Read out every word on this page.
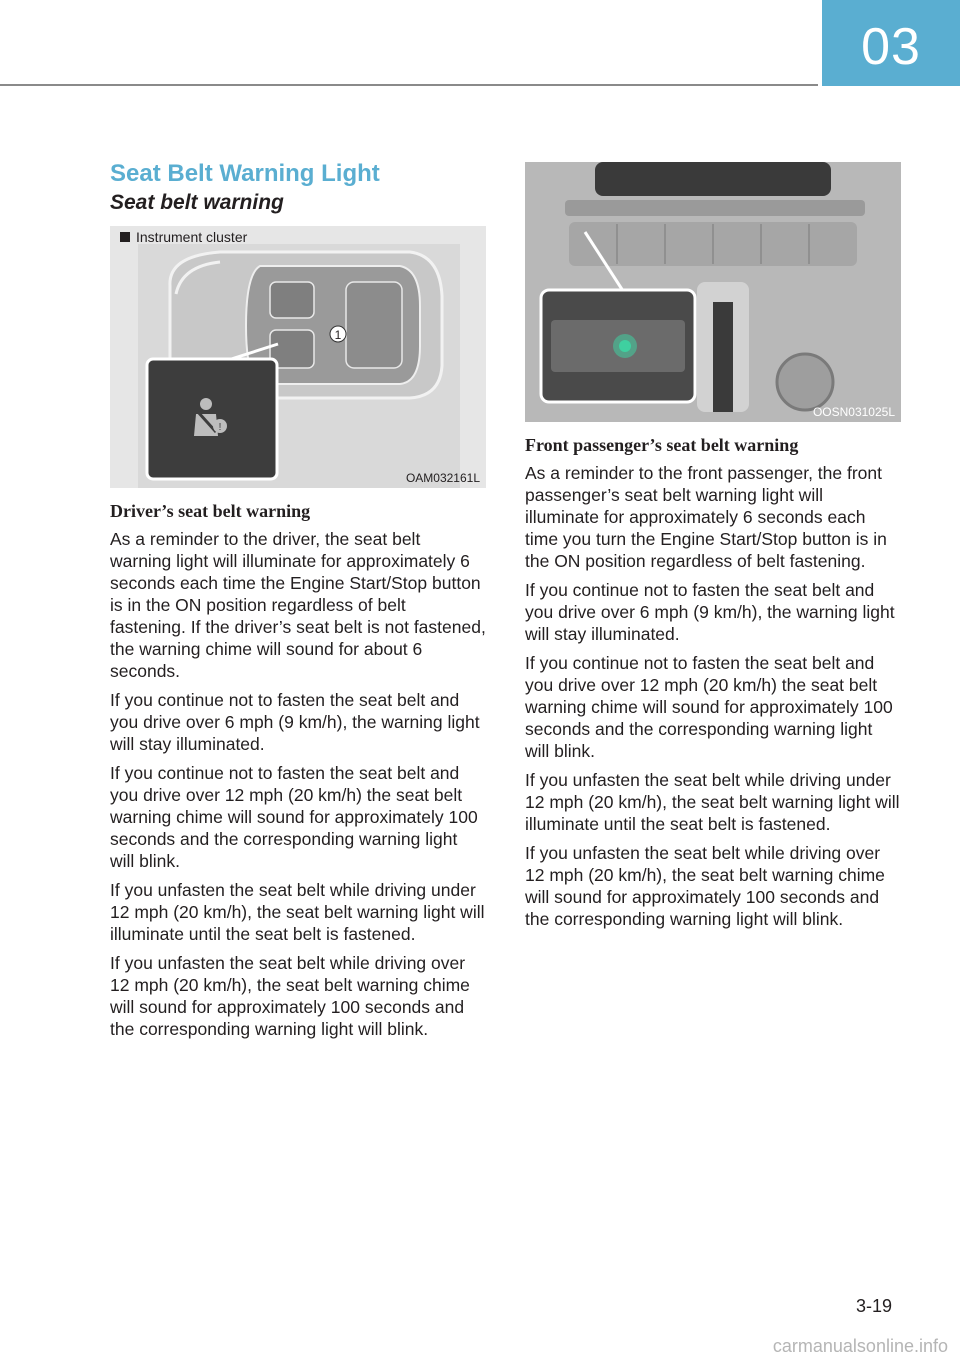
03
Seat Belt Warning Light
Seat belt warning
Instrument cluster
1
!
OAM032161L
Driver’s seat belt warning

As a reminder to the driver, the seat belt warning light will illuminate for approximately 6 seconds each time the Engine Start/Stop button is in the ON position regardless of belt fastening. If the driver’s seat belt is not fastened, the warning chime will sound for about 6 seconds.

If you continue not to fasten the seat belt and you drive over 6 mph (9 km/h), the warning light will stay illuminated.

If you continue not to fasten the seat belt and you drive over 12 mph (20 km/h) the seat belt warning chime will sound for approximately 100 seconds and the corresponding warning light will blink.

If you unfasten the seat belt while driving under 12 mph (20 km/h), the seat belt warning light will illuminate until the seat belt is fastened.

If you unfasten the seat belt while driving over 12 mph (20 km/h), the seat belt warning chime will sound for approximately 100 seconds and the corresponding warning light will blink.

OOSN031025L
Front passenger’s seat belt warning

As a reminder to the front passenger, the front passenger’s seat belt warning light will illuminate for approximately 6 seconds each time you turn the Engine Start/Stop button is in the ON position regardless of belt fastening.

If you continue not to fasten the seat belt and you drive over 6 mph (9 km/h), the warning light will stay illuminated.

If you continue not to fasten the seat belt and you drive over 12 mph (20 km/h) the seat belt warning chime will sound for approximately 100 seconds and the corresponding warning light will blink.

If you unfasten the seat belt while driving under 12 mph (20 km/h), the seat belt warning light will illuminate until the seat belt is fastened.

If you unfasten the seat belt while driving over 12 mph (20 km/h), the seat belt warning chime will sound for approximately 100 seconds and the corresponding warning light will blink.

3-19
carmanualsonline.info
